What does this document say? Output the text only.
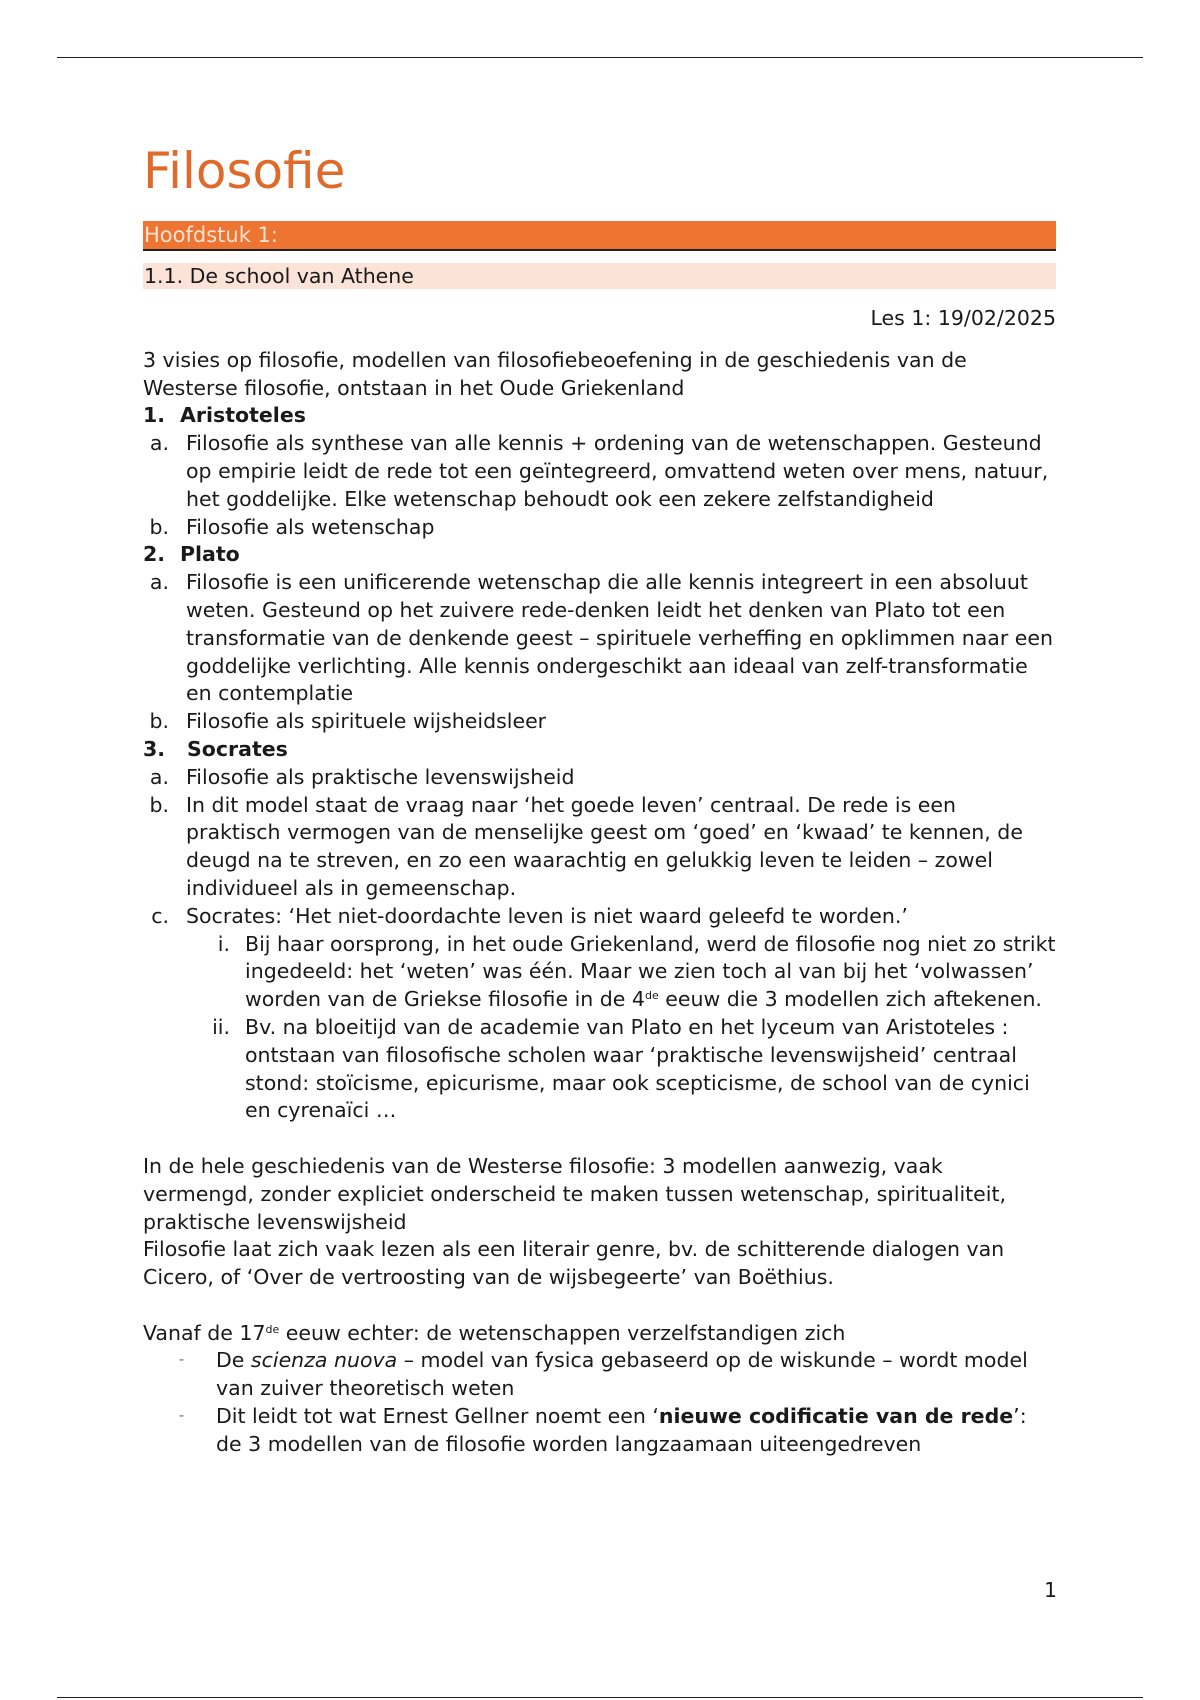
Filosofie
Hoofdstuk 1:
1.1. De school van Athene
Les 1: 19/02/2025

3 visies op filosofie, modellen van filosofiebeoefening in de geschiedenis van de Westerse filosofie, ontstaan in het Oude Griekenland

1. Aristoteles
a. Filosofie als synthese van alle kennis + ordening van de wetenschappen. Gesteund op empirie leidt de rede tot een geïntegreerd, omvattend weten over mens, natuur, het goddelijke. Elke wetenschap behoudt ook een zekere zelfstandigheid
b. Filosofie als wetenschap
2. Plato
a. Filosofie is een unificerende wetenschap die alle kennis integreert in een absoluut weten. Gesteund op het zuivere rede-denken leidt het denken van Plato tot een transformatie van de denkende geest – spirituele verheffing en opklimmen naar een goddelijke verlichting. Alle kennis ondergeschikt aan ideaal van zelf-transformatie en contemplatie
b. Filosofie als spirituele wijsheidsleer
3.	Socrates
a. Filosofie als praktische levenswijsheid
b. In dit model staat de vraag naar ‘het goede leven’ centraal. De rede is een praktisch vermogen van de menselijke geest om ‘goed’ en ‘kwaad’ te kennen, de deugd na te streven, en zo een waarachtig en gelukkig leven te leiden – zowel individueel als in gemeenschap.
c. Socrates: ‘Het niet-doordachte leven is niet waard geleefd te worden.’
i. Bij haar oorsprong, in het oude Griekenland, werd de filosofie nog niet zo strikt ingedeeld: het ‘weten’ was één. Maar we zien toch al van bij het ‘volwassen’ worden van de Griekse filosofie in de 4de eeuw die 3 modellen zich aftekenen.
ii. Bv. na bloeitijd van de academie van Plato en het lyceum van Aristoteles : ontstaan van filosofische scholen waar ‘praktische levenswijsheid’ centraal stond: stoïcisme, epicurisme, maar ook scepticisme, de school van de cynici en cyrenaïci …

In de hele geschiedenis van de Westerse filosofie: 3 modellen aanwezig, vaak vermengd, zonder expliciet onderscheid te maken tussen wetenschap, spiritualiteit, praktische levenswijsheid

Filosofie laat zich vaak lezen als een literair genre, bv. de schitterende dialogen van Cicero, of ‘Over de vertroosting van de wijsbegeerte’ van Boëthius.

Vanaf de 17de eeuw echter: de wetenschappen verzelfstandigen zich

- De scienza nuova – model van fysica gebaseerd op de wiskunde – wordt model van zuiver theoretisch weten
- Dit leidt tot wat Ernest Gellner noemt een ‘nieuwe codificatie van de rede’: de 3 modellen van de filosofie worden langzaamaan uiteengedreven
1
